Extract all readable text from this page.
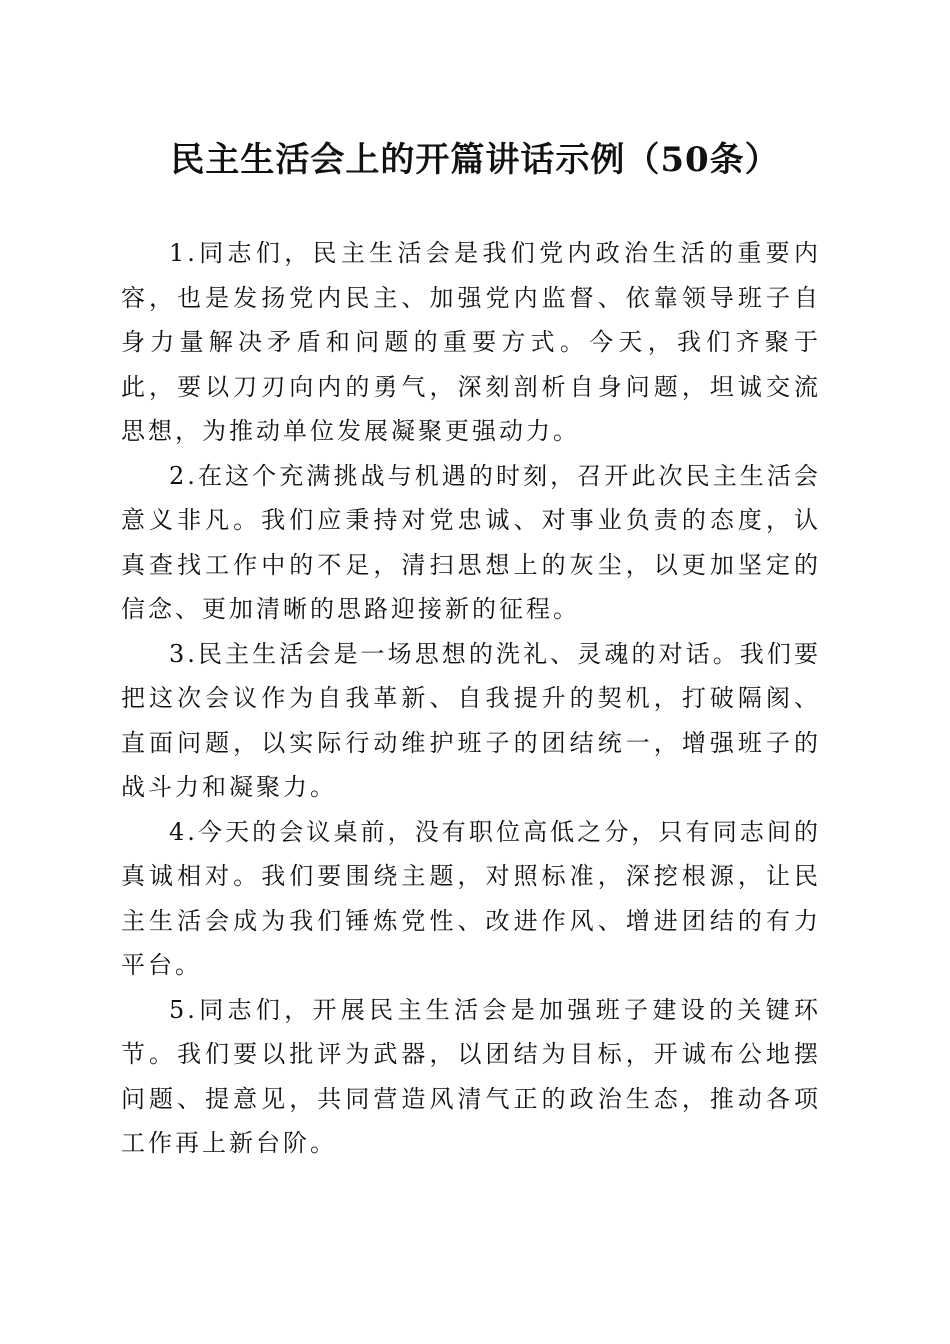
民主生活会上的开篇讲话示例（50条）

1.同志们，民主生活会是我们党内政治生活的重要内容，也是发扬党内民主、加强党内监督、依靠领导班子自身力量解决矛盾和问题的重要方式。今天，我们齐聚于此，要以刀刃向内的勇气，深刻剖析自身问题，坦诚交流思想，为推动单位发展凝聚更强动力。

2.在这个充满挑战与机遇的时刻，召开此次民主生活会意义非凡。我们应秉持对党忠诚、对事业负责的态度，认真查找工作中的不足，清扫思想上的灰尘，以更加坚定的信念、更加清晰的思路迎接新的征程。

3.民主生活会是一场思想的洗礼、灵魂的对话。我们要把这次会议作为自我革新、自我提升的契机，打破隔阂、直面问题，以实际行动维护班子的团结统一，增强班子的战斗力和凝聚力。

4.今天的会议桌前，没有职位高低之分，只有同志间的真诚相对。我们要围绕主题，对照标准，深挖根源，让民主生活会成为我们锤炼党性、改进作风、增进团结的有力平台。

5.同志们，开展民主生活会是加强班子建设的关键环节。我们要以批评为武器，以团结为目标，开诚布公地摆问题、提意见，共同营造风清气正的政治生态，推动各项工作再上新台阶。
